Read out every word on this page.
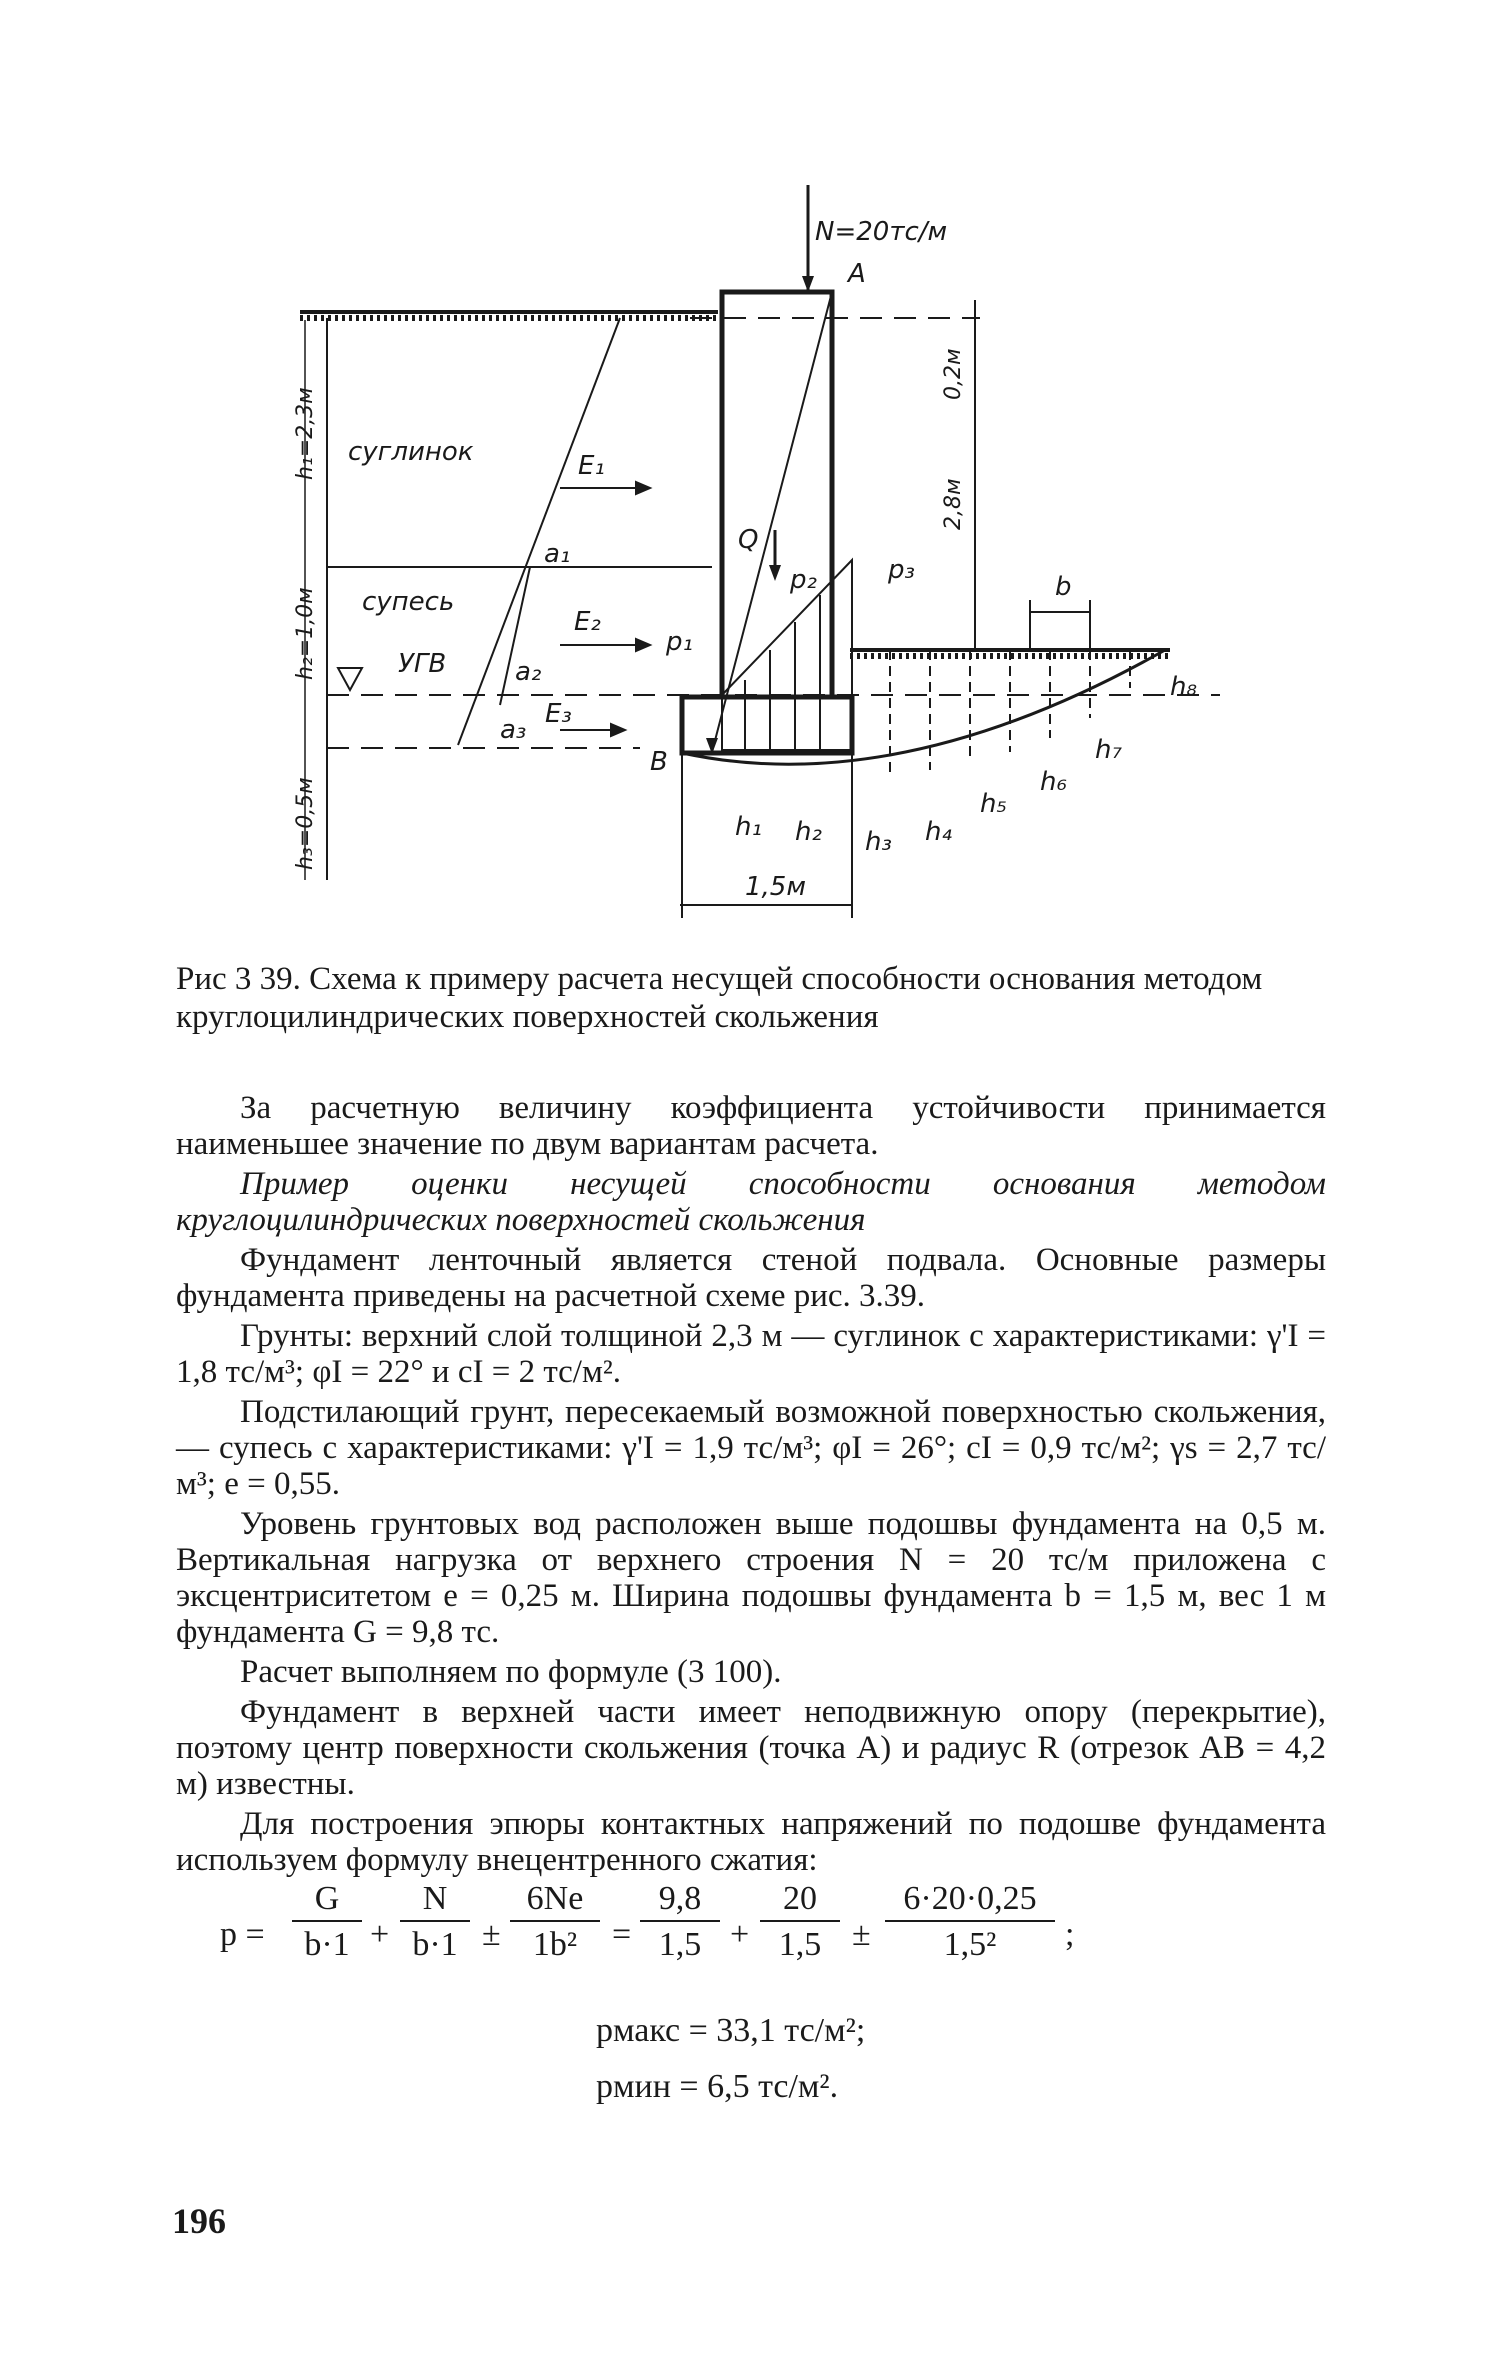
N=20тс/м
A
B
суглинок
супесь
УГВ
E₁
E₂
E₃
a₁
a₂
a₃
Q
p₁
p₂	p₃
b
1,5м
0,2м
2,8м
h₁=2,3м
h₂=1,0м
h₃=0,5м	h₁ h₂ h₃ h₄
h₅
h₆
h₇
h₈

Рис 3 39. Схема к примеру расчета несущей способности основания методом круглоцилиндрических поверхностей скольжения

За расчетную величину коэффициента устойчивости принимается наименьшее значение по двум вариантам расчета.

Пример оценки несущей способности основания методом круглоцилиндрических поверхностей скольжения

Фундамент ленточный является стеной подвала. Основные размеры фундамента приведены на расчетной схеме рис. 3.39.

Грунты: верхний слой толщиной 2,3 м — суглинок с характеристиками: γ'I = 1,8 тс/м³; φI = 22° и cI = 2 тс/м².

Подстилающий грунт, пересекаемый возможной поверхностью скольжения, — супесь с характеристиками: γ'I = 1,9 тс/м³; φI = 26°; cI = 0,9 тс/м²; γs = 2,7 тс/м³; e = 0,55.

Уровень грунтовых вод расположен выше подошвы фундамента на 0,5 м. Вертикальная нагрузка от верхнего строения N = 20 тс/м приложена с эксцентриситетом e = 0,25 м. Ширина подошвы фундамента b = 1,5 м, вес 1 м фундамента G = 9,8 тс.

Расчет выполняем по формуле (3 100).

Фундамент в верхней части имеет неподвижную опору (перекрытие), поэтому центр поверхности скольжения (точка A) и радиус R (отрезок AB = 4,2 м) известны.

Для построения эпюры контактных напряжений по подошве фундамента используем формулу внецентренного сжатия:

$p = \frac{G}{b\cdot 1} + \frac{N}{b\cdot 1} \pm \frac{6Ne}{\text{1b²}} = \frac{9,8}{1,5} + \frac{20}{1,5} \pm \frac{6\cdot 20\cdot 0,25}{\text{1,5²}}$ ;
pмакс = 33,1 тс/м²;
pмин = 6,5 тс/м².
196
